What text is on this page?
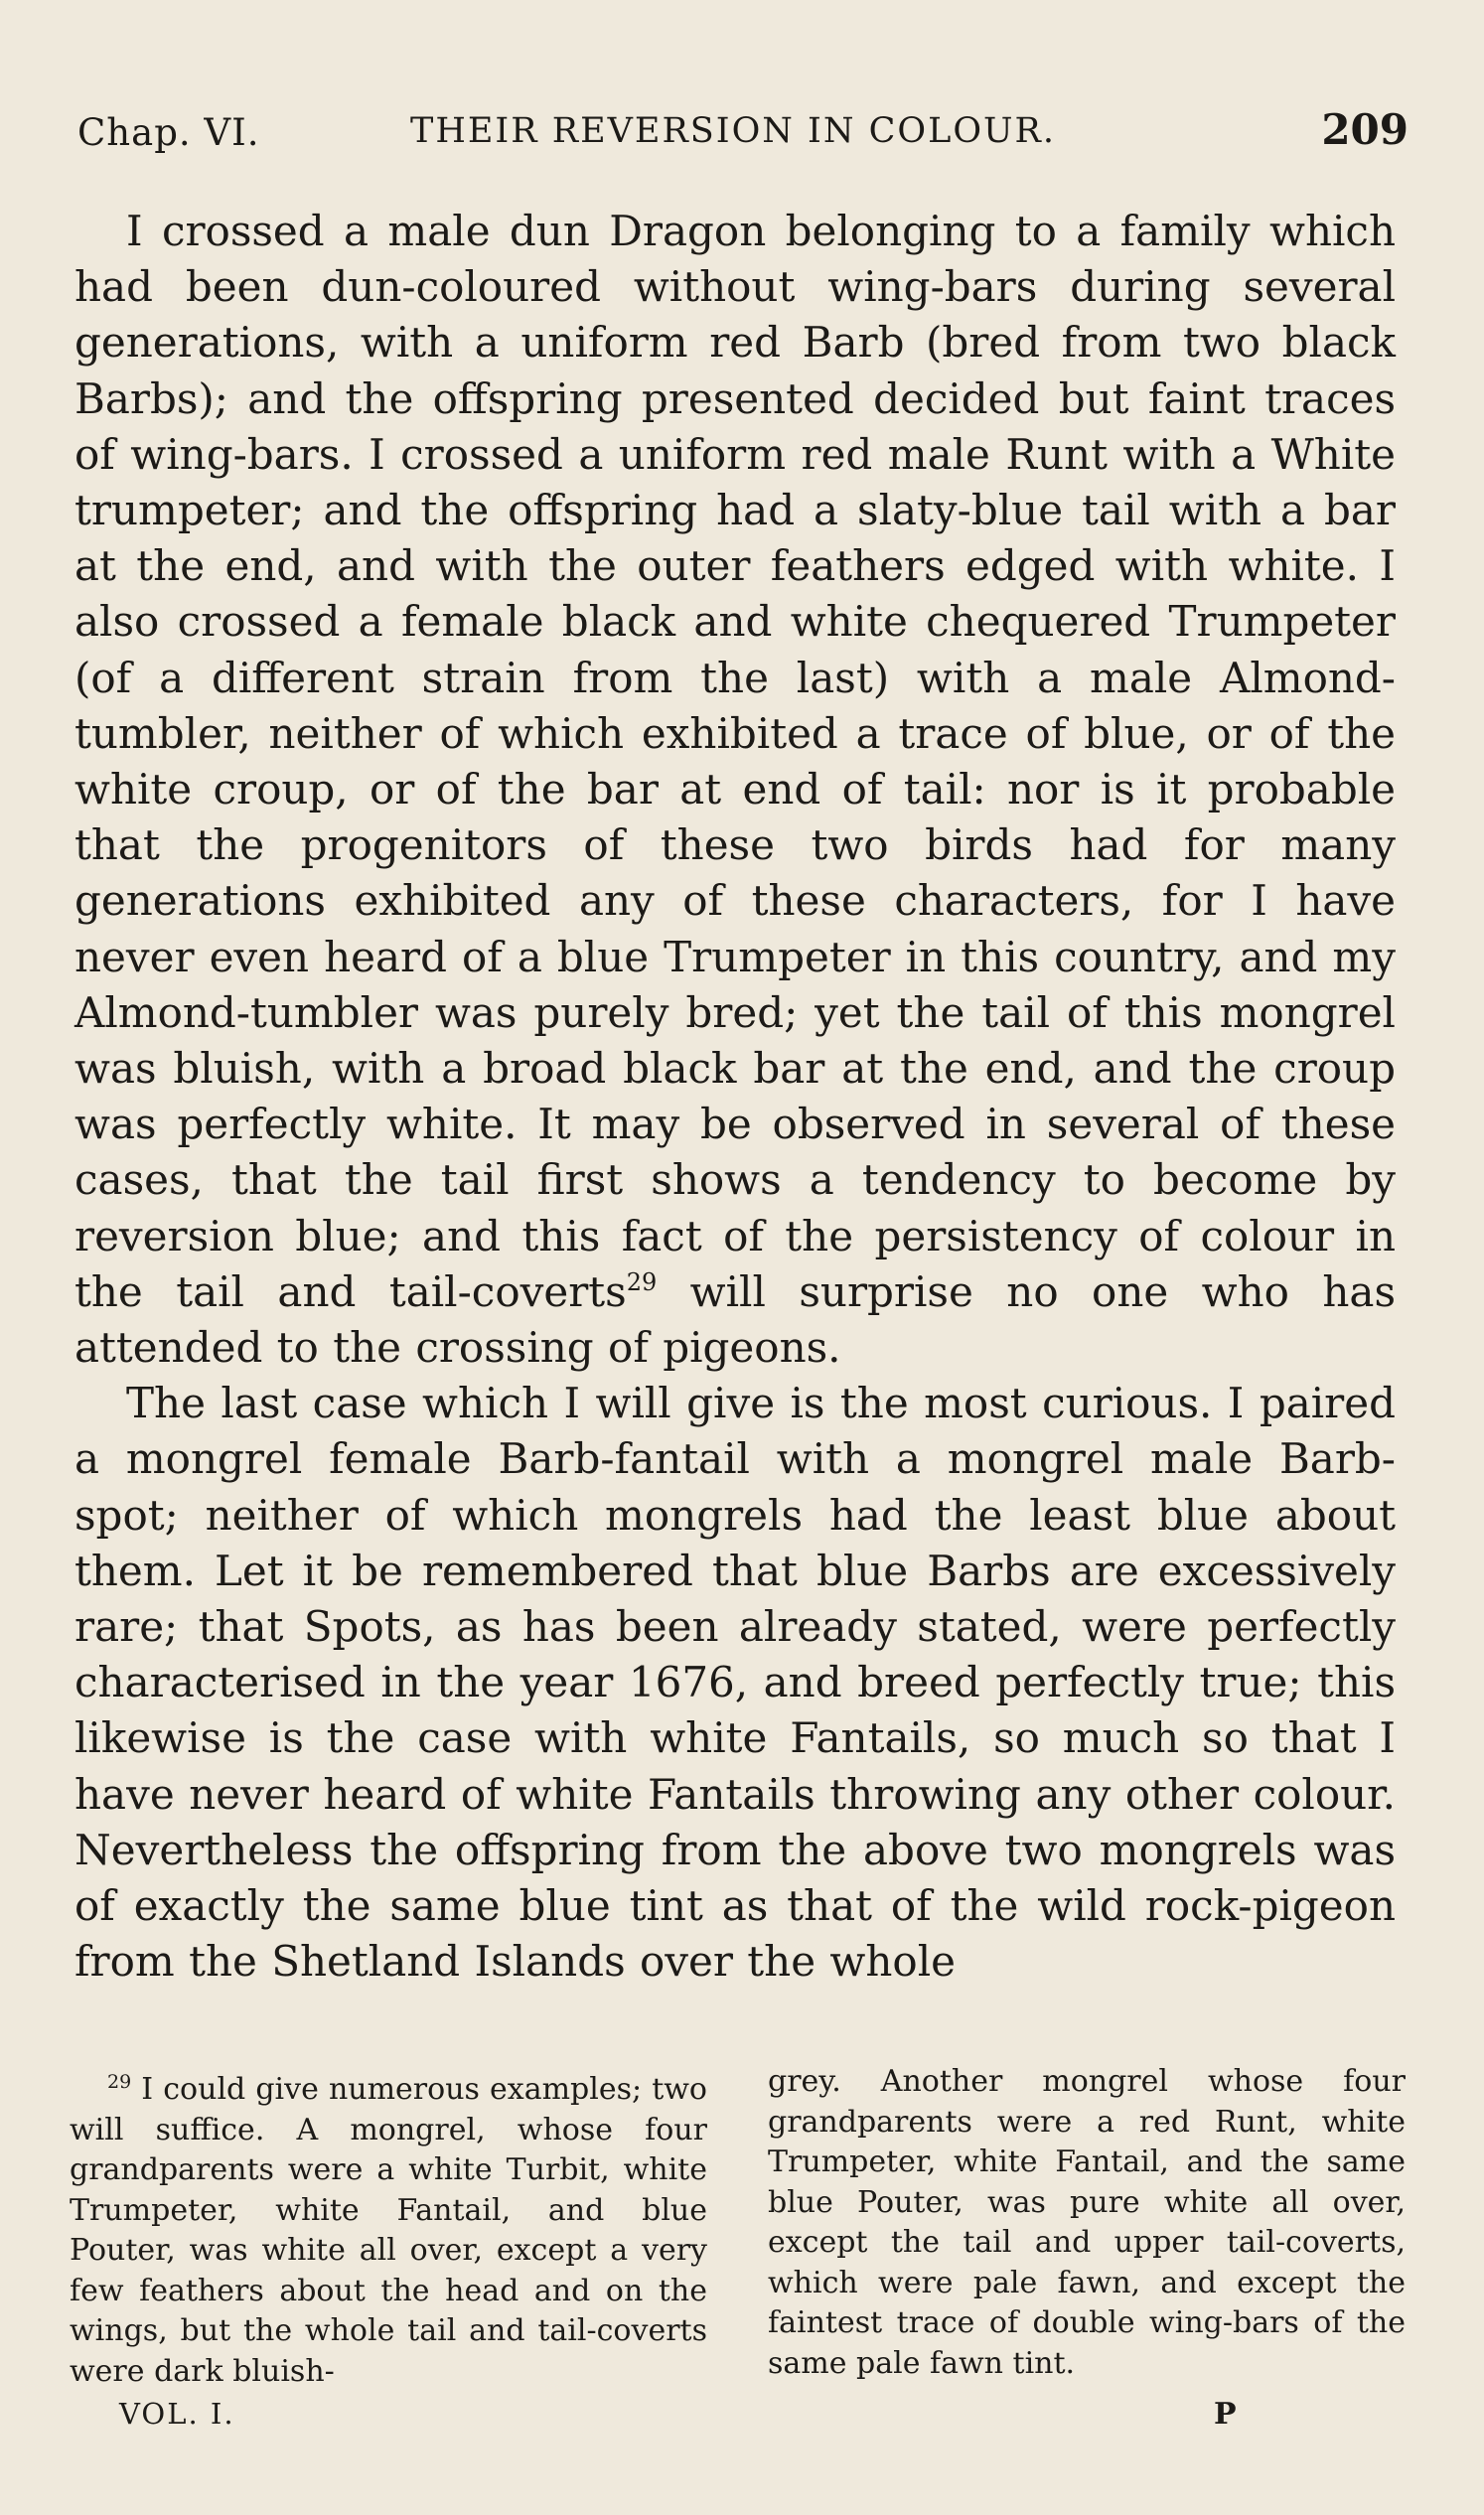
Chap. VI.	THEIR REVERSION IN COLOUR.	209

I crossed a male dun Dragon belonging to a family which had been dun-coloured without wing-bars during several generations, with a uniform red Barb (bred from two black Barbs); and the offspring presented decided but faint traces of wing-bars. I crossed a uniform red male Runt with a White trumpeter; and the offspring had a slaty-blue tail with a bar at the end, and with the outer feathers edged with white. I also crossed a female black and white chequered Trumpeter (of a different strain from the last) with a male Almond-tumbler, neither of which exhibited a trace of blue, or of the white croup, or of the bar at end of tail: nor is it probable that the progenitors of these two birds had for many generations exhibited any of these characters, for I have never even heard of a blue Trumpeter in this country, and my Almond-tumbler was purely bred; yet the tail of this mongrel was bluish, with a broad black bar at the end, and the croup was perfectly white. It may be observed in several of these cases, that the tail first shows a tendency to become by reversion blue; and this fact of the persistency of colour in the tail and tail-coverts$^{29}$ will surprise no one who has attended to the crossing of pigeons.

The last case which I will give is the most curious. I paired a mongrel female Barb-fantail with a mongrel male Barb-spot; neither of which mongrels had the least blue about them. Let it be remembered that blue Barbs are excessively rare; that Spots, as has been already stated, were perfectly characterised in the year 1676, and breed perfectly true; this likewise is the case with white Fantails, so much so that I have never heard of white Fantails throwing any other colour. Nevertheless the offspring from the above two mongrels was of exactly the same blue tint as that of the wild rock-pigeon from the Shetland Islands over the whole

$^{29}$ I could give numerous examples; two will suffice. A mongrel, whose four grandparents were a white Turbit, white Trumpeter, white Fantail, and blue Pouter, was white all over, except a very few feathers about the head and on the wings, but the whole tail and tail-coverts were dark bluish-

grey. Another mongrel whose four grandparents were a red Runt, white Trumpeter, white Fantail, and the same blue Pouter, was pure white all over, except the tail and upper tail-coverts, which were pale fawn, and except the faintest trace of double wing-bars of the same pale fawn tint.

VOL. I.	P
